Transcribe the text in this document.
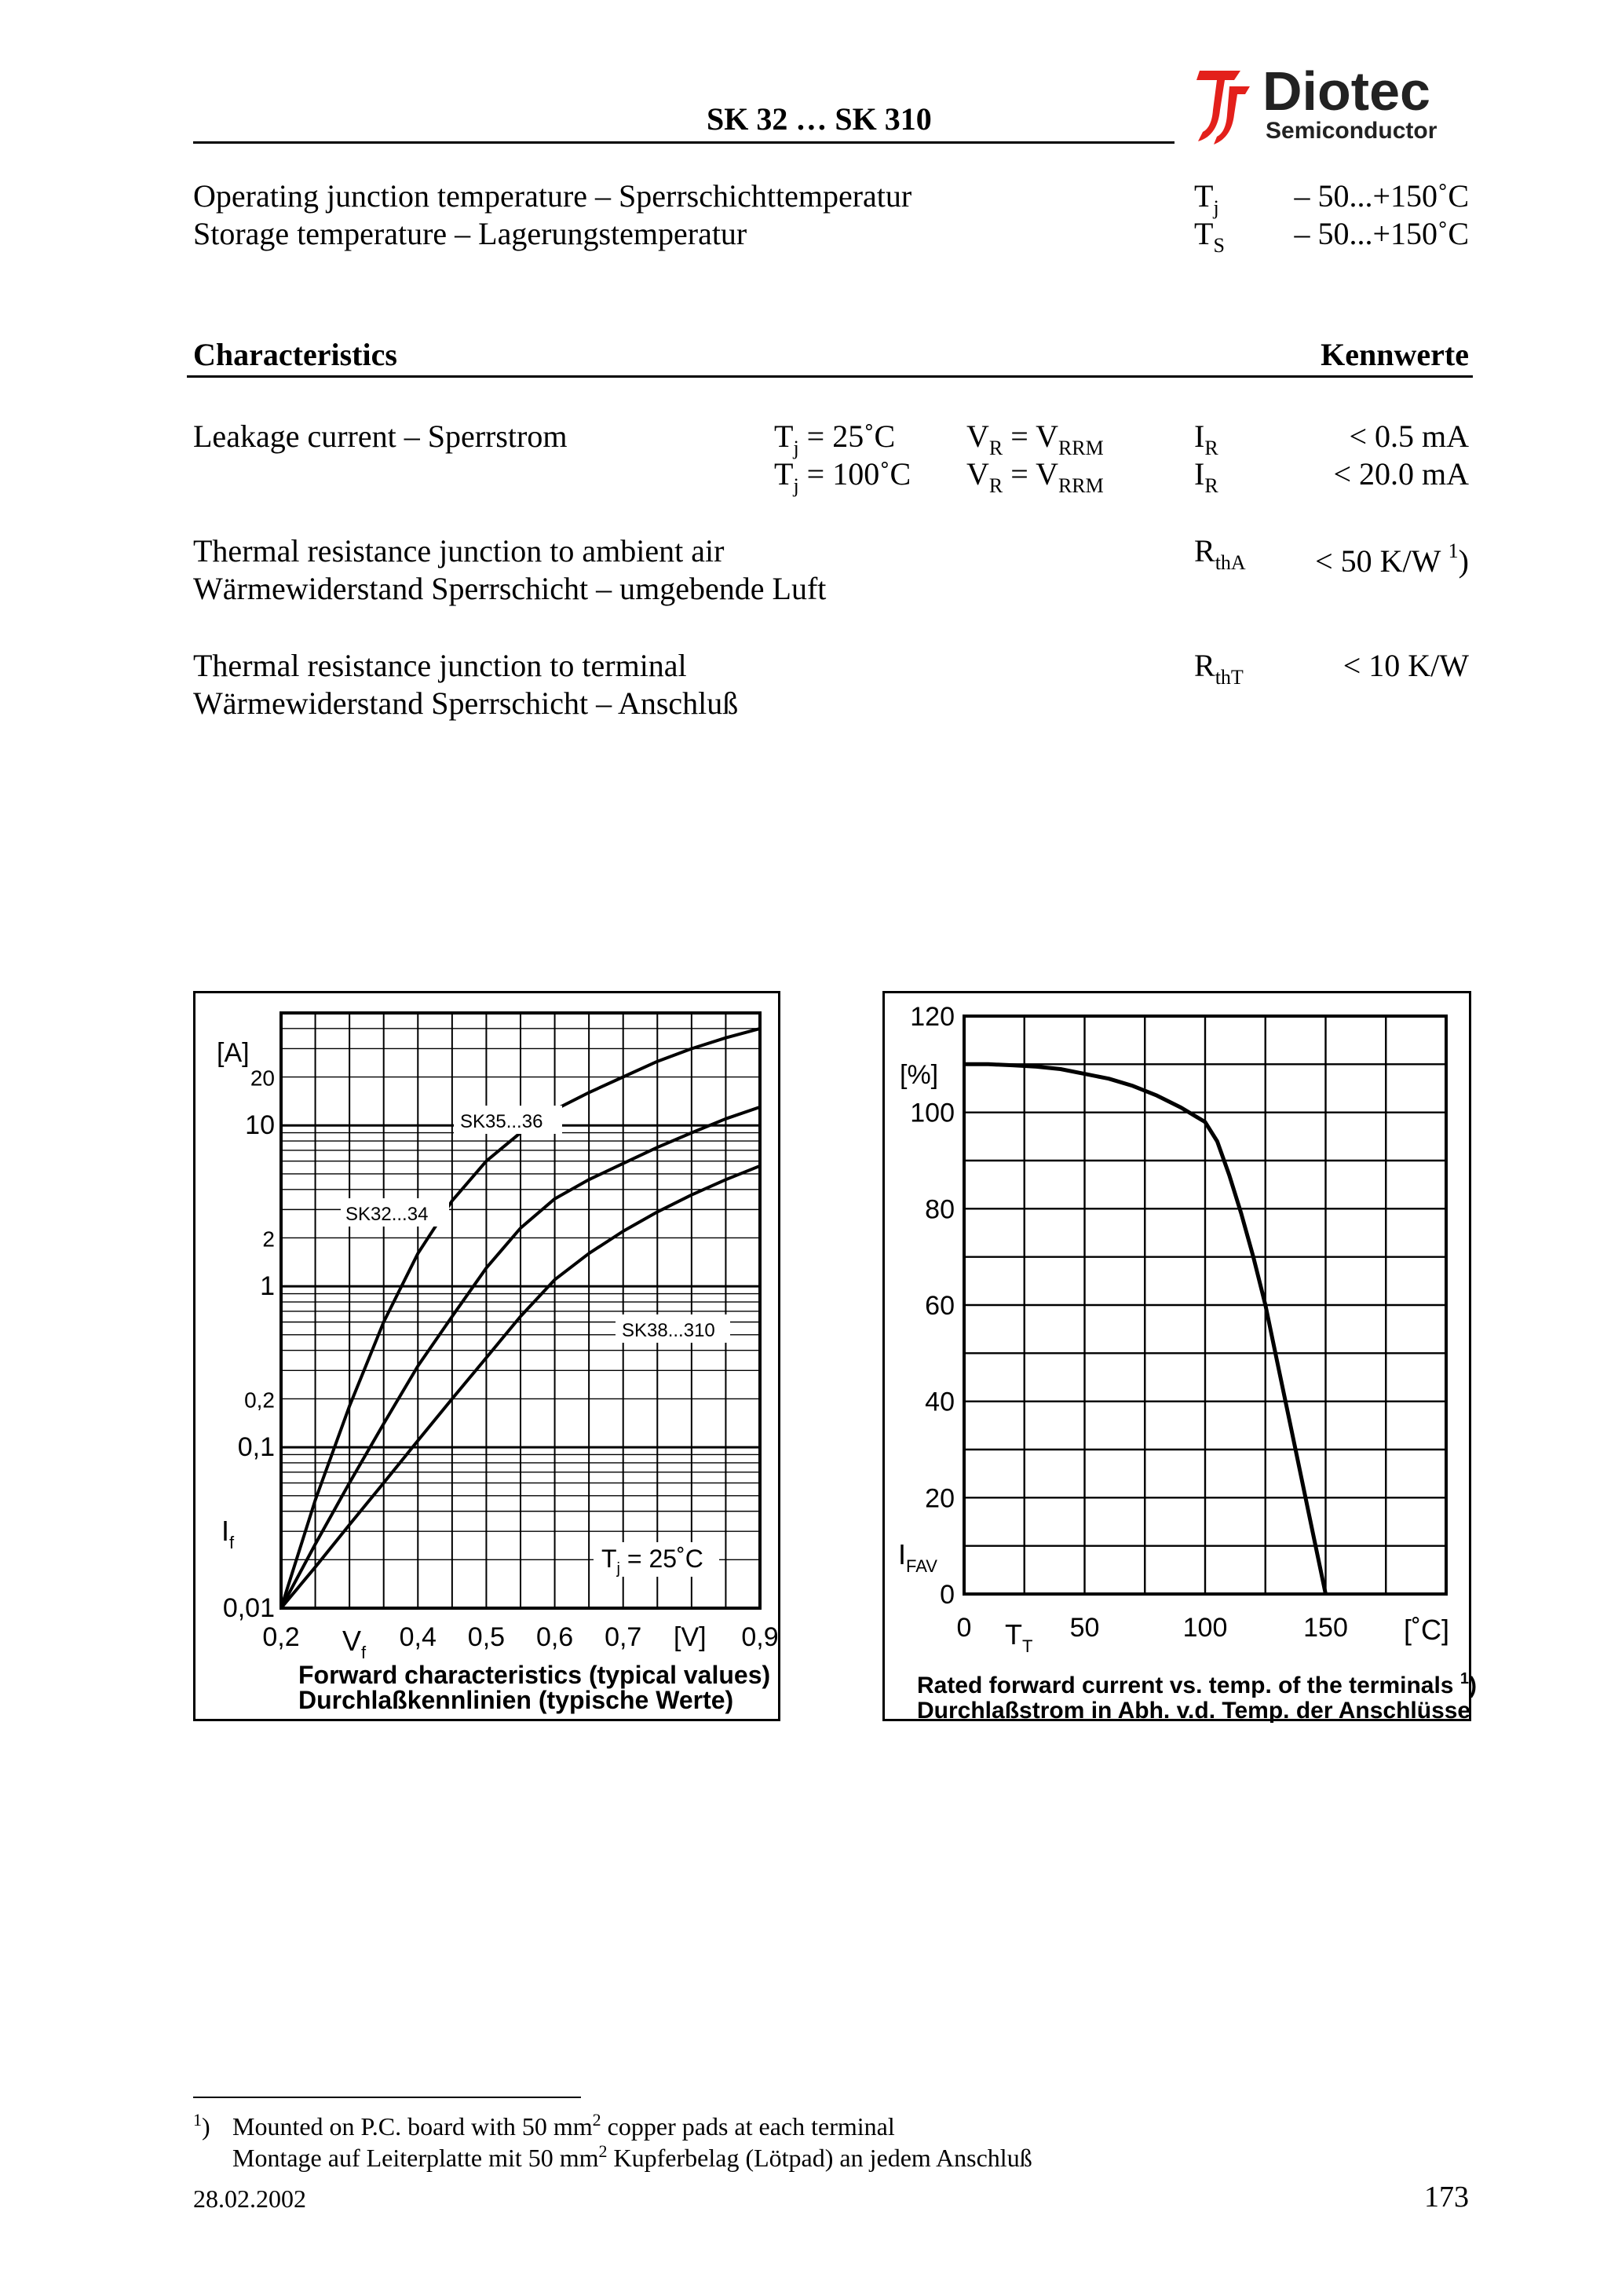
SK 32 … SK 310	Diotec
Semiconductor
Operating junction temperature – Sperrschichttemperatur	$T_j$ – 50...+150˚C
Storage temperature – Lagerungstemperatur	$T_S$ – 50...+150˚C
Characteristics	Kennwerte
Leakage current – Sperrstrom	$T_j$ = 25˚C $V_R = V_{RRM}$	$I_R$	< 0.5 mA
$T_j$ = 100˚C $V_R = V_{RRM}$	$I_R$	< 20.0 mA
Thermal resistance junction to ambient air
Wärmewiderstand Sperrschicht – umgebende Luft
$R_{thA} < 50$ K/W $^1$)
Thermal resistance junction to terminal
Wärmewiderstand Sperrschicht – Anschluß
$R_{thT}$	< 10 K/W
0,01
0,1
0,2
1
2
10
20
0,2	0,4 0,5 0,6 0,7	0,9
[A]
$I_f$
$V_f$
[V]
SK35...36
SK32...34
SK38...310
$T_j$ = 25˚C
Forward characteristics (typical values)
Durchlaßkennlinien (typische Werte)
0
20
40
60
80
100
120
0	50	100	150
[%]
$I_{FAV}$
$T_T$
[˚C]
Rated forward current vs. temp. of the terminals $^1$)
Durchlaßstrom in Abh. v.d. Temp. der Anschlüsse
$^1$) Mounted on P.C. board with 50 $mm^2$ copper pads at each terminal
Montage auf Leiterplatte mit 50 $mm^2$ Kupferbelag (Lötpad) an jedem Anschluß
28.02.2002	173
